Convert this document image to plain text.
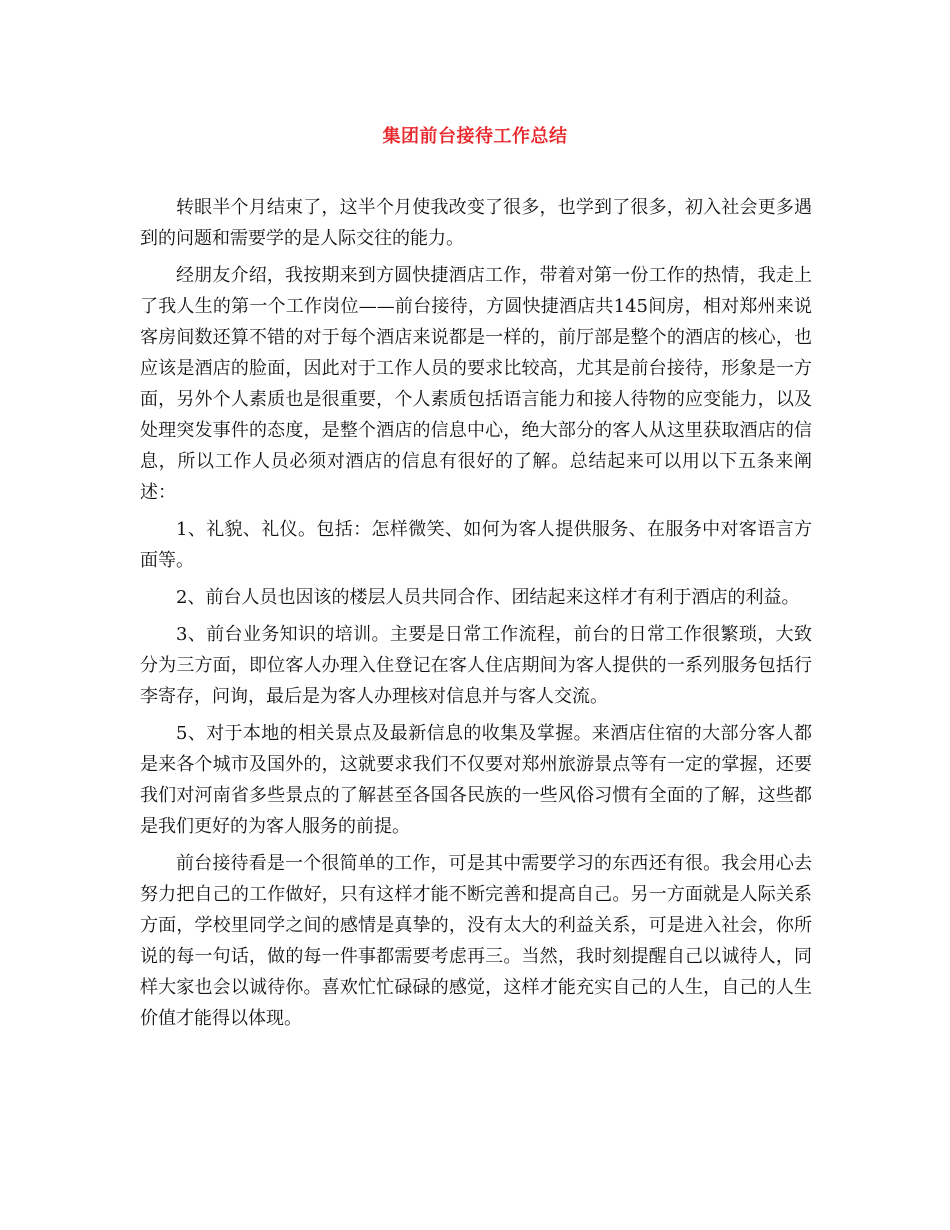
集团前台接待工作总结

转眼半个月结束了，这半个月使我改变了很多，也学到了很多，初入社会更多遇到的问题和需要学的是人际交往的能力。

经朋友介绍，我按期来到方圆快捷酒店工作，带着对第一份工作的热情，我走上了我人生的第一个工作岗位——前台接待，方圆快捷酒店共145间房，相对郑州来说客房间数还算不错的对于每个酒店来说都是一样的，前厅部是整个的酒店的核心，也应该是酒店的脸面，因此对于工作人员的要求比较高，尤其是前台接待，形象是一方面，另外个人素质也是很重要，个人素质包括语言能力和接人待物的应变能力，以及处理突发事件的态度，是整个酒店的信息中心，绝大部分的客人从这里获取酒店的信息，所以工作人员必须对酒店的信息有很好的了解。总结起来可以用以下五条来阐述：

1、礼貌、礼仪。包括：怎样微笑、如何为客人提供服务、在服务中对客语言方面等。

2、前台人员也因该的楼层人员共同合作、团结起来这样才有利于酒店的利益。

3、前台业务知识的培训。主要是日常工作流程，前台的日常工作很繁琐，大致分为三方面，即位客人办理入住登记在客人住店期间为客人提供的一系列服务包括行李寄存，问询，最后是为客人办理核对信息并与客人交流。

5、对于本地的相关景点及最新信息的收集及掌握。来酒店住宿的大部分客人都是来各个城市及国外的，这就要求我们不仅要对郑州旅游景点等有一定的掌握，还要我们对河南省多些景点的了解甚至各国各民族的一些风俗习惯有全面的了解，这些都是我们更好的为客人服务的前提。

前台接待看是一个很简单的工作，可是其中需要学习的东西还有很。我会用心去努力把自己的工作做好，只有这样才能不断完善和提高自己。另一方面就是人际关系方面，学校里同学之间的感情是真挚的，没有太大的利益关系，可是进入社会，你所说的每一句话，做的每一件事都需要考虑再三。当然，我时刻提醒自己以诚待人，同样大家也会以诚待你。喜欢忙忙碌碌的感觉，这样才能充实自己的人生，自己的人生价值才能得以体现。
